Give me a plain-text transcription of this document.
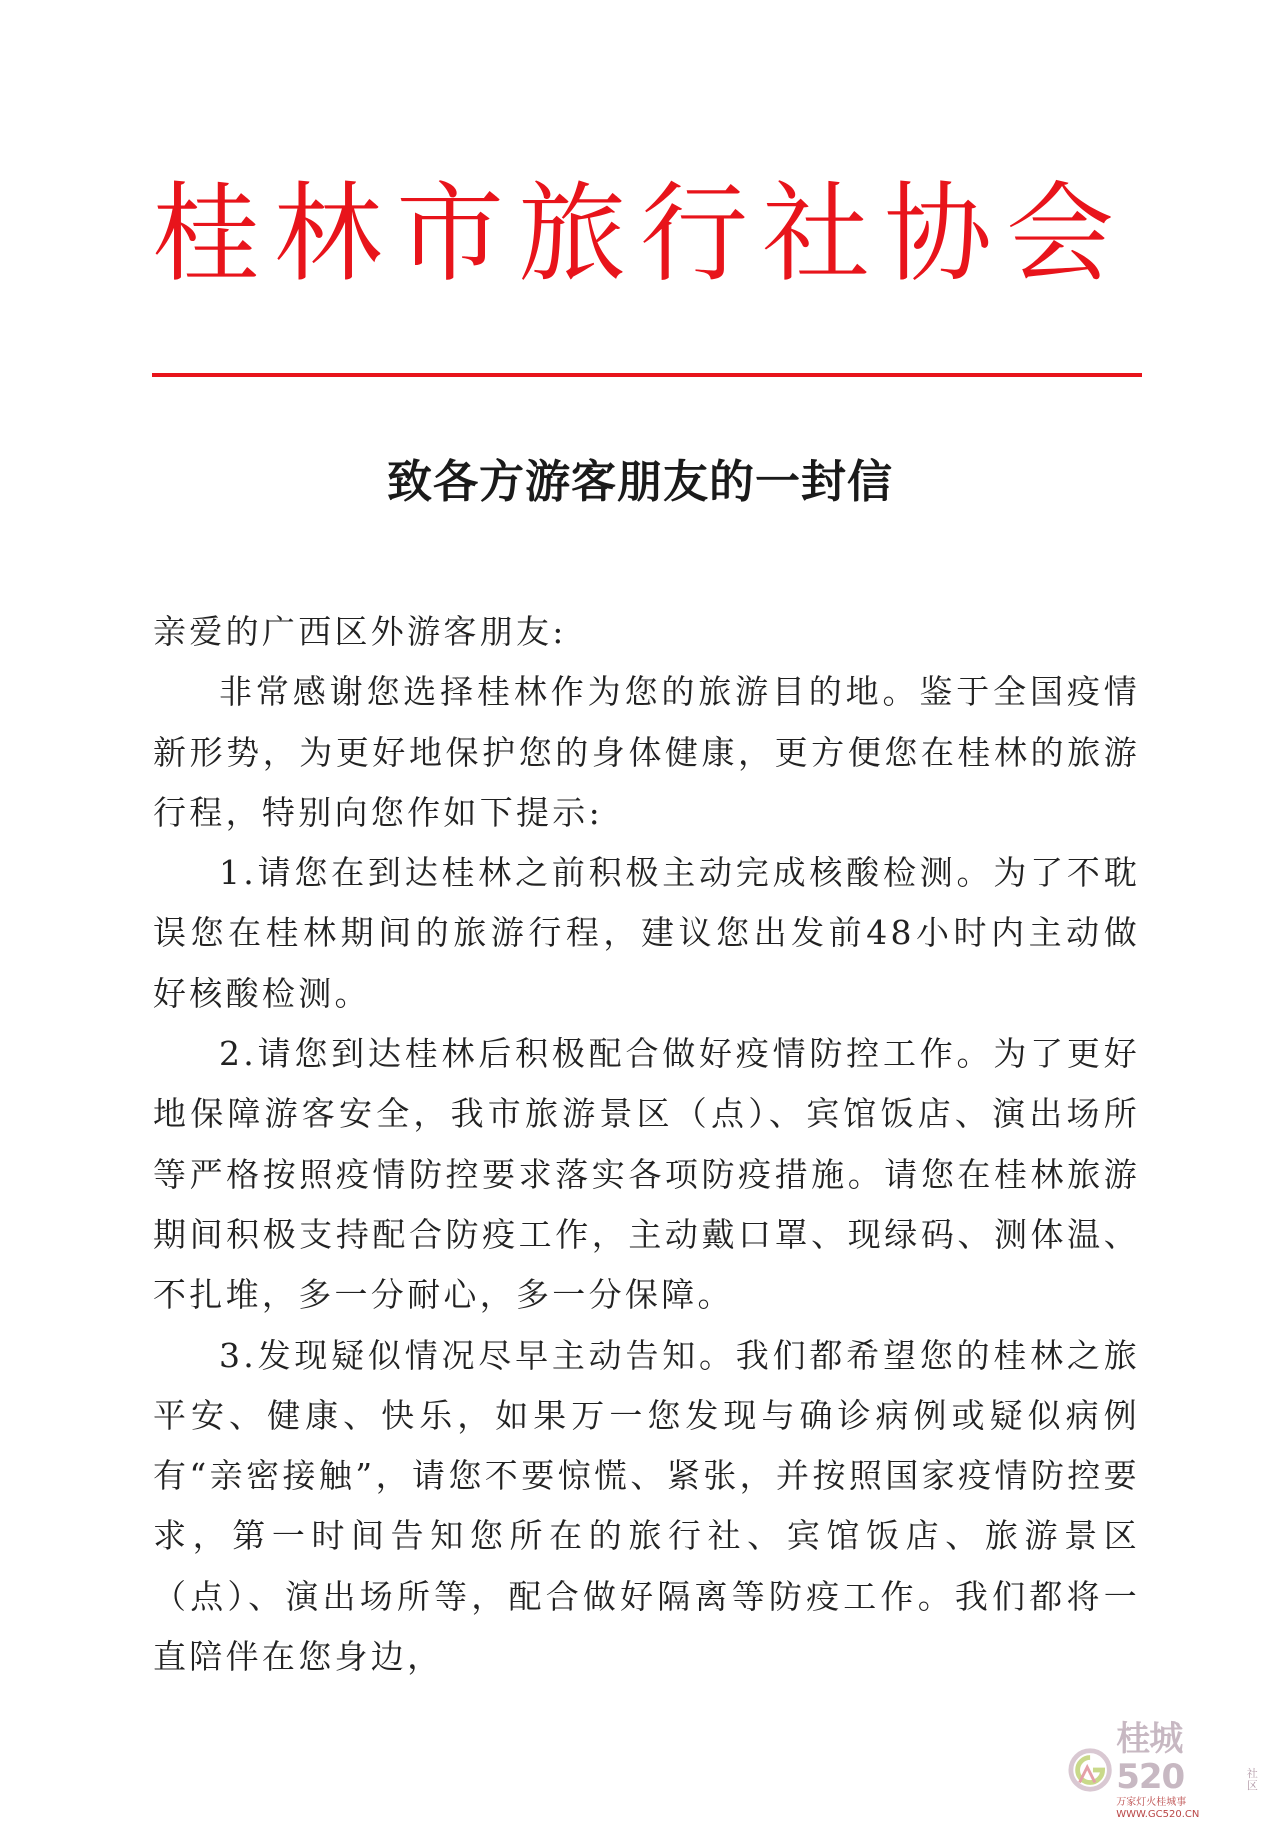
桂林市旅行社协会
致各方游客朋友的一封信

亲爱的广西区外游客朋友:

非常感谢您选择桂林作为您的旅游目的地。鉴于全国疫情新形势，为更好地保护您的身体健康，更方便您在桂林的旅游行程，特别向您作如下提示:

1.请您在到达桂林之前积极主动完成核酸检测。为了不耽误您在桂林期间的旅游行程，建议您出发前48小时内主动做好核酸检测。

2.请您到达桂林后积极配合做好疫情防控工作。为了更好地保障游客安全，我市旅游景区（点）、宾馆饭店、演出场所等严格按照疫情防控要求落实各项防疫措施。请您在桂林旅游期间积极支持配合防疫工作，主动戴口罩、现绿码、测体温、不扎堆，多一分耐心，多一分保障。

3.发现疑似情况尽早主动告知。我们都希望您的桂林之旅平安、健康、快乐，如果万一您发现与确诊病例或疑似病例有“亲密接触”，请您不要惊慌、紧张，并按照国家疫情防控要求，第一时间告知您所在的旅行社、宾馆饭店、旅游景区（点）、演出场所等，配合做好隔离等防疫工作。我们都将一直陪伴在您身边，

桂城520	社区
万家灯火桂城事 WWW.GC520.CN
